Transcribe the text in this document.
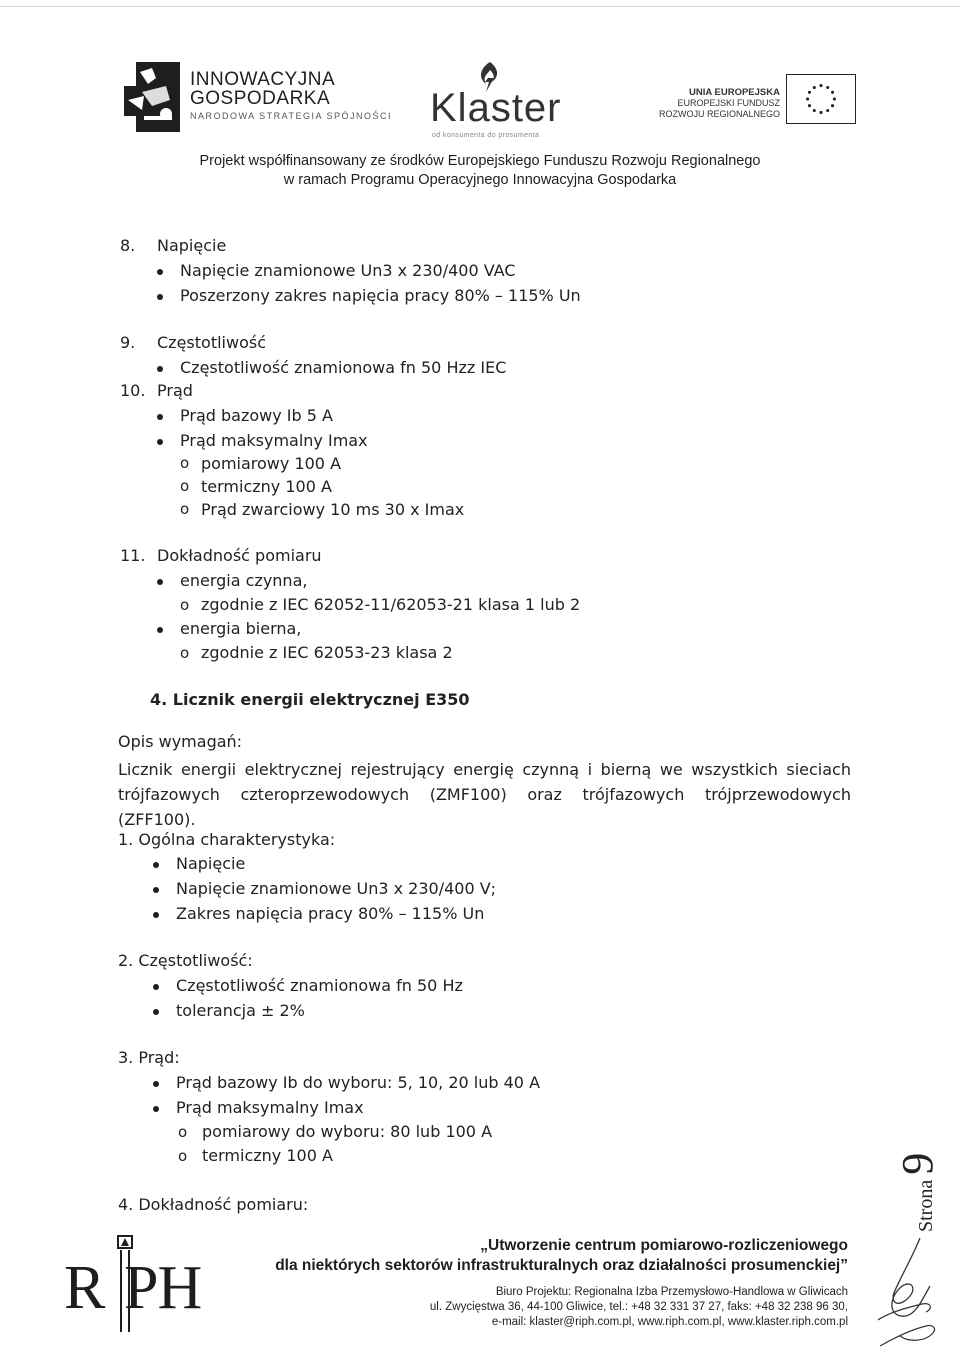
INNOWACYJNA
GOSPODARKA
NARODOWA STRATEGIA SPÓJNOŚCI Klaster
od konsumenta do prosumenta
UNIA EUROPEJSKA
EUROPEJSKI FUNDUSZ
ROZWOJU REGIONALNEGO
Projekt współfinansowany ze środków Europejskiego Funduszu Rozwoju Regionalnego
w ramach Programu Operacyjnego Innowacyjna Gospodarka
8. Napięcie
Napięcie znamionowe Un3 x 230/400 VAC
Poszerzony zakres napięcia pracy 80% – 115% Un
9. Częstotliwość
Częstotliwość znamionowa fn 50 Hzz IEC
10. Prąd
Prąd bazowy Ib 5 A
Prąd maksymalny Imax
o pomiarowy 100 A
o termiczny 100 A
o Prąd zwarciowy 10 ms 30 x Imax
11. Dokładność pomiaru
energia czynna,
o zgodnie z IEC 62052-11/62053-21 klasa 1 lub 2
energia bierna,
o zgodnie z IEC 62053-23 klasa 2
4. Licznik energii elektrycznej E350
Opis wymagań:
Licznik energii elektrycznej rejestrujący energię czynną i bierną we wszystkich sieciach trójfazowych czteroprzewodowych (ZMF100) oraz trójfazowych trójprzewodowych (ZFF100).
1. Ogólna charakterystyka:
Napięcie
Napięcie znamionowe Un3 x 230/400 V;
Zakres napięcia pracy 80% – 115% Un
2. Częstotliwość:
Częstotliwość znamionowa fn 50 Hz
tolerancja ± 2%
3. Prąd:
Prąd bazowy Ib do wyboru: 5, 10, 20 lub 40 A
Prąd maksymalny Imax
o pomiarowy do wyboru: 80 lub 100 A
o termiczny 100 A
4. Dokładność pomiaru:	Strona 9
R PH
„Utworzenie centrum pomiarowo-rozliczeniowego
dla niektórych sektorów infrastrukturalnych oraz działalności prosumenckiej”
Biuro Projektu: Regionalna Izba Przemysłowo-Handlowa w Gliwicach
ul. Zwycięstwa 36, 44-100 Gliwice, tel.: +48 32 331 37 27, faks: +48 32 238 96 30,
e-mail: klaster@riph.com.pl, www.riph.com.pl, www.klaster.riph.com.pl
